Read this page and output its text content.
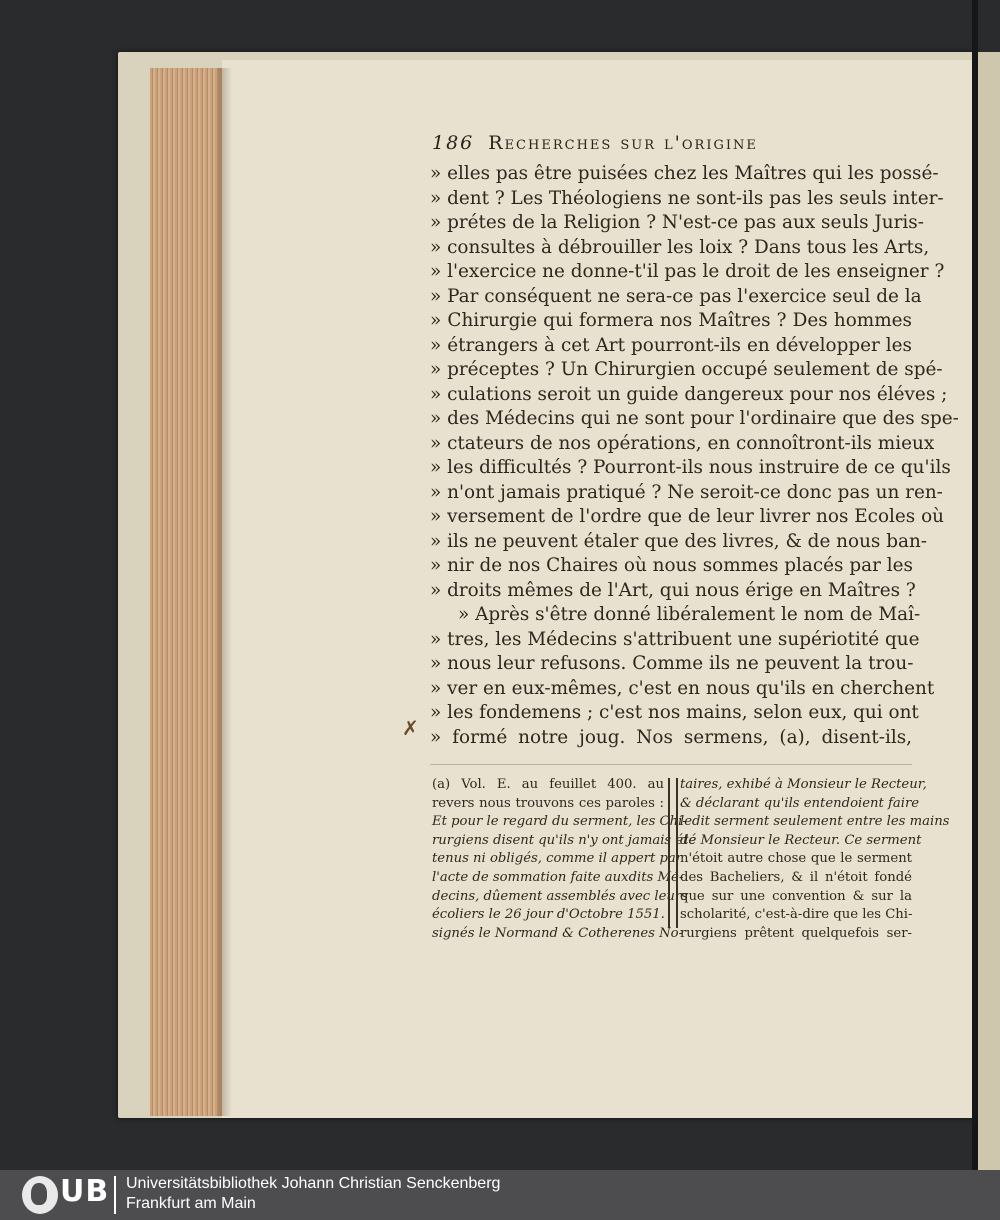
186 Recherches sur l'origine
» elles pas être puisées chez les Maîtres qui les possé-
» dent ? Les Théologiens ne sont-ils pas les seuls inter-
» prétes de la Religion ? N'est-ce pas aux seuls Juris-
» consultes à débrouiller les loix ? Dans tous les Arts,
» l'exercice ne donne-t'il pas le droit de les enseigner ?
» Par conséquent ne sera-ce pas l'exercice seul de la
» Chirurgie qui formera nos Maîtres ? Des hommes
» étrangers à cet Art pourront-ils en développer les
» préceptes ? Un Chirurgien occupé seulement de spé-
» culations seroit un guide dangereux pour nos éléves ;
» des Médecins qui ne sont pour l'ordinaire que des spe-
» ctateurs de nos opérations, en connoîtront-ils mieux
» les difficultés ? Pourront-ils nous instruire de ce qu'ils
» n'ont jamais pratiqué ? Ne seroit-ce donc pas un ren-
» versement de l'ordre que de leur livrer nos Ecoles où
» ils ne peuvent étaler que des livres, & de nous ban-
» nir de nos Chaires où nous sommes placés par les
» droits mêmes de l'Art, qui nous érige en Maîtres ?
» Après s'être donné libéralement le nom de Maî-
» tres, les Médecins s'attribuent une supériotité que
» nous leur refusons. Comme ils ne peuvent la trou-
» ver en eux-mêmes, c'est en nous qu'ils en cherchent
» les fondemens ; c'est nos mains, selon eux, qui ont
» formé notre joug. Nos sermens, (a), disent-ils,
✗
(a) Vol. E. au feuillet 400. au
revers nous trouvons ces paroles :
Et pour le regard du serment, les Chi-
rurgiens disent qu'ils n'y ont jamais été
tenus ni obligés, comme il appert par
l'acte de sommation faite auxdits Mé-
decins, dûement assemblés avec leurs
écoliers le 26 jour d'Octobre 1551.
signés le Normand & Cotherenes No-
taires, exhibé à Monsieur le Recteur,
& déclarant qu'ils entendoient faire
ledit serment seulement entre les mains
de Monsieur le Recteur. Ce serment
n'étoit autre chose que le serment
des Bacheliers, & il n'étoit fondé
que sur une convention & sur la
scholarité, c'est-à-dire que les Chi-
rurgiens prêtent quelquefois ser-
UB Universitätsbibliothek Johann Christian Senckenberg
Frankfurt am Main
